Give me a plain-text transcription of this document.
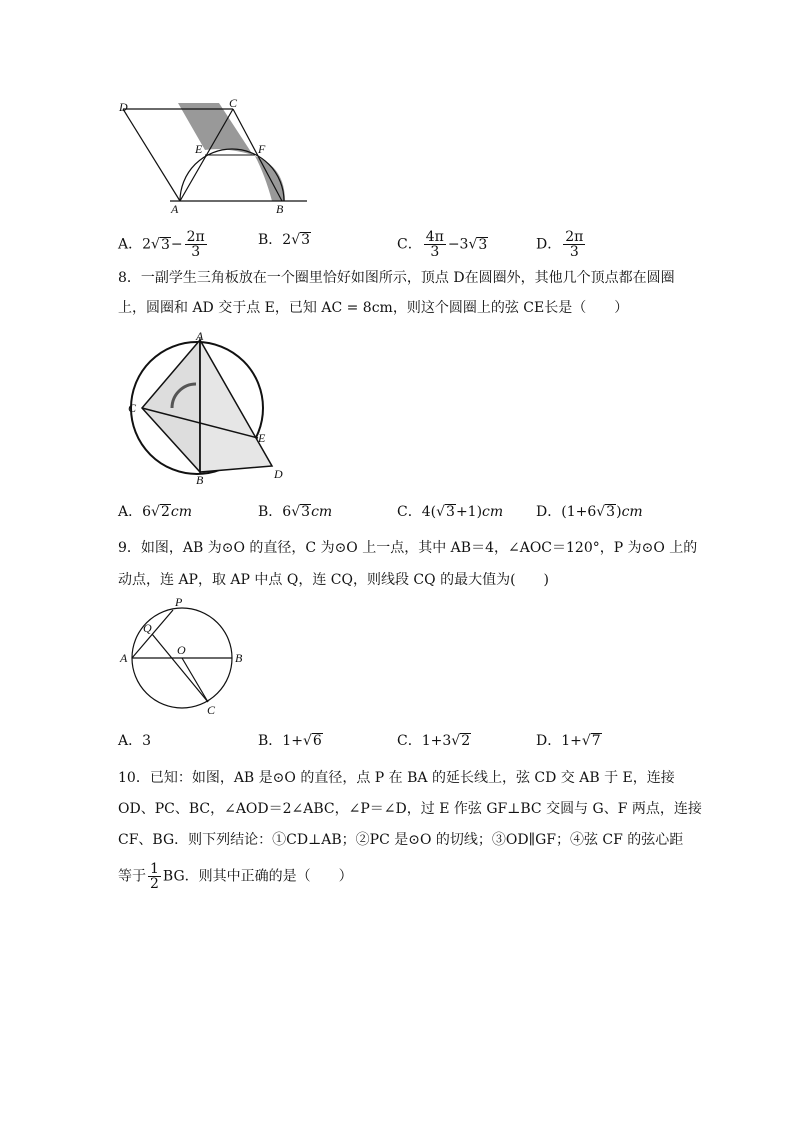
D	C
E	F
A	B
A．$2√3- \frac{2\pi}{3}$	B．2√3	C． $\frac{4\pi}{3} -3√3$	D． $\frac{2\pi}{3}$
8．一副学生三角板放在一个圈里恰好如图所示，顶点 D在圆圈外，其他几个顶点都在圆圈
上，圆圈和 AD 交于点 E，已知 AC = 8cm，则这个圆圈上的弦 CE长是（　　）
A
C
E
B	D
A．6√2cm	B．6√3cm	C．4(√3+1)cm D．(1+6√3)cm
9．如图，AB 为⊙O 的直径，C 为⊙O 上一点，其中 AB＝4，∠AOC＝120°，P 为⊙O 上的
动点，连 AP，取 AP 中点 Q，连 CQ，则线段 CQ 的最大值为(　　)
P
Q
O
A	B
C
A．3	B．1+√6	C．1+3√2	D．1+√7
10．已知：如图，AB 是⊙O 的直径，点 P 在 BA 的延长线上，弦 CD 交 AB 于 E，连接
OD、PC、BC，∠AOD＝2∠ABC，∠P＝∠D，过 E 作弦 GF⊥BC 交圆与 G、F 两点，连接
CF、BG．则下列结论：①CD⊥AB；②PC 是⊙O 的切线；③OD∥GF；④弦 CF 的弦心距
等于 $\frac{1}{2}$ BG．则其中正确的是（　　）
